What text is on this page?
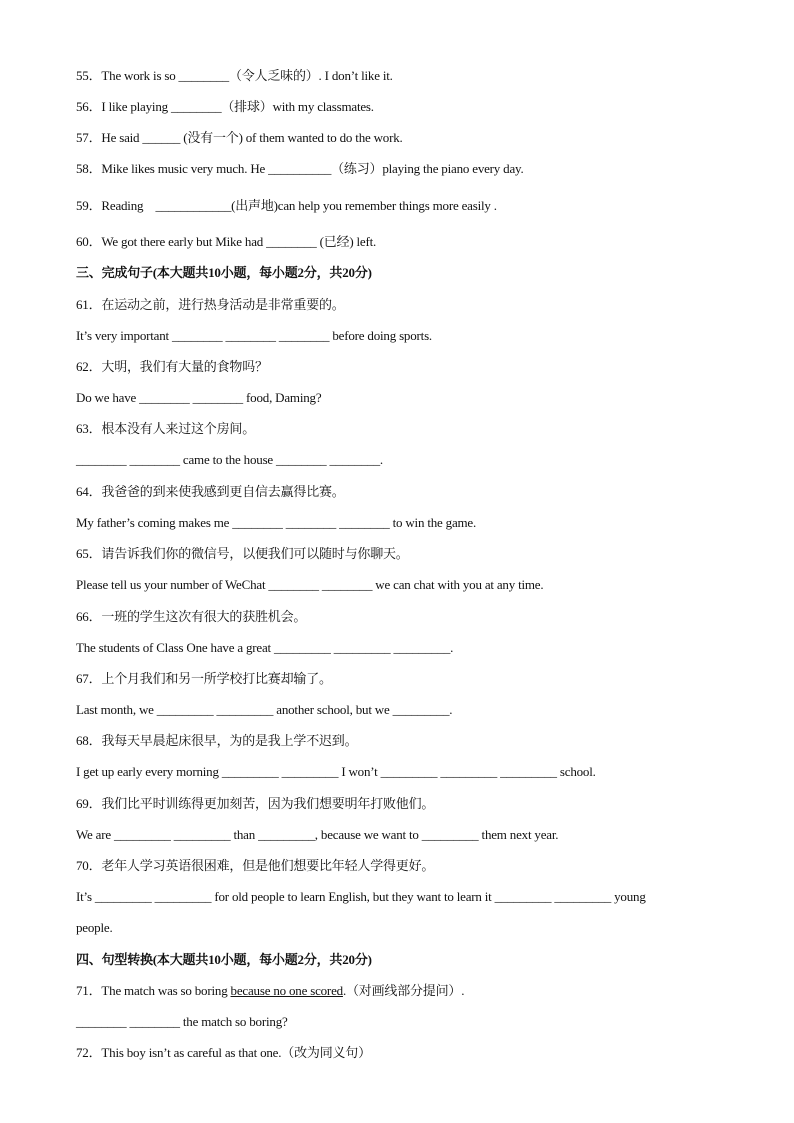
55．The work is so ________（令人乏味的）. I don’t like it.
56．I like playing ________（排球）with my classmates.
57．He said ______ (没有一个) of them wanted to do the work.
58．Mike likes music very much. He __________（练习）playing the piano every day.
59．Reading    ____________(出声地)can help you remember things more easily .
60．We got there early but Mike had ________ (已经) left.
三、完成句子(本大题共10小题，每小题2分，共20分)
61．在运动之前，进行热身活动是非常重要的。
It’s very important ________ ________ ________ before doing sports.
62．大明，我们有大量的食物吗？
Do we have ________ ________ food, Daming?
63．根本没有人来过这个房间。
________ ________ came to the house ________ ________.
64．我爸爸的到来使我感到更自信去赢得比赛。
My father’s coming makes me ________ ________ ________ to win the game.
65．请告诉我们你的微信号，以便我们可以随时与你聊天。
Please tell us your number of WeChat ________ ________ we can chat with you at any time.
66．一班的学生这次有很大的获胜机会。
The students of Class One have a great _________ _________ _________.
67．上个月我们和另一所学校打比赛却输了。
Last month, we _________ _________ another school, but we _________.
68．我每天早晨起床很早，为的是我上学不迟到。
I get up early every morning _________ _________ I won’t _________ _________ _________ school.
69．我们比平时训练得更加刻苦，因为我们想要明年打败他们。
We are _________ _________ than _________, because we want to _________ them next year.
70．老年人学习英语很困难，但是他们想要比年轻人学得更好。
It’s _________ _________ for old people to learn English, but they want to learn it _________ _________ young
people.
四、句型转换(本大题共10小题，每小题2分，共20分)
71．The match was so boring because no one scored.（对画线部分提问）.
________ ________ the match so boring?
72．This boy isn’t as careful as that one.（改为同义句）
